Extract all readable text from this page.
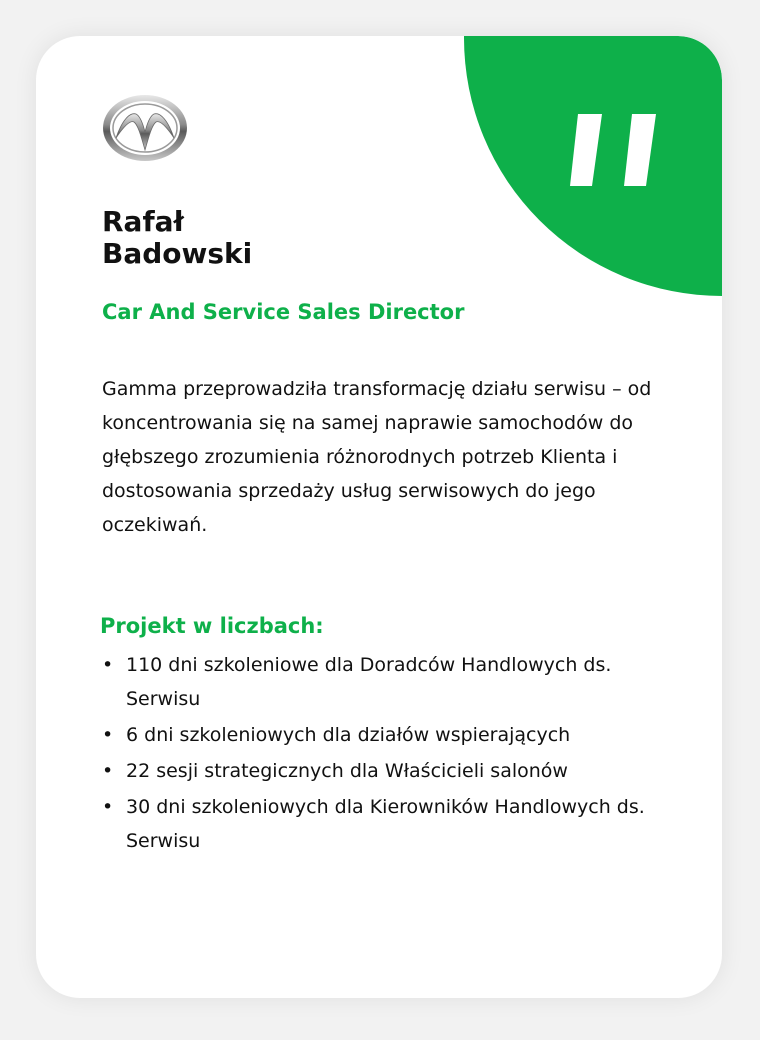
Rafał
Badowski

Car And Service Sales Director

Gamma przeprowadziła transformację działu serwisu – od koncentrowania się na samej naprawie samochodów do głębszego zrozumienia różnorodnych potrzeb Klienta i dostosowania sprzedaży usług serwisowych do jego oczekiwań.

Projekt w liczbach:
• 110 dni szkoleniowe dla Doradców Handlowych ds. Serwisu
• 6 dni szkoleniowych dla działów wspierających
• 22 sesji strategicznych dla Właścicieli salonów
• 30 dni szkoleniowych dla Kierowników Handlowych ds. Serwisu
